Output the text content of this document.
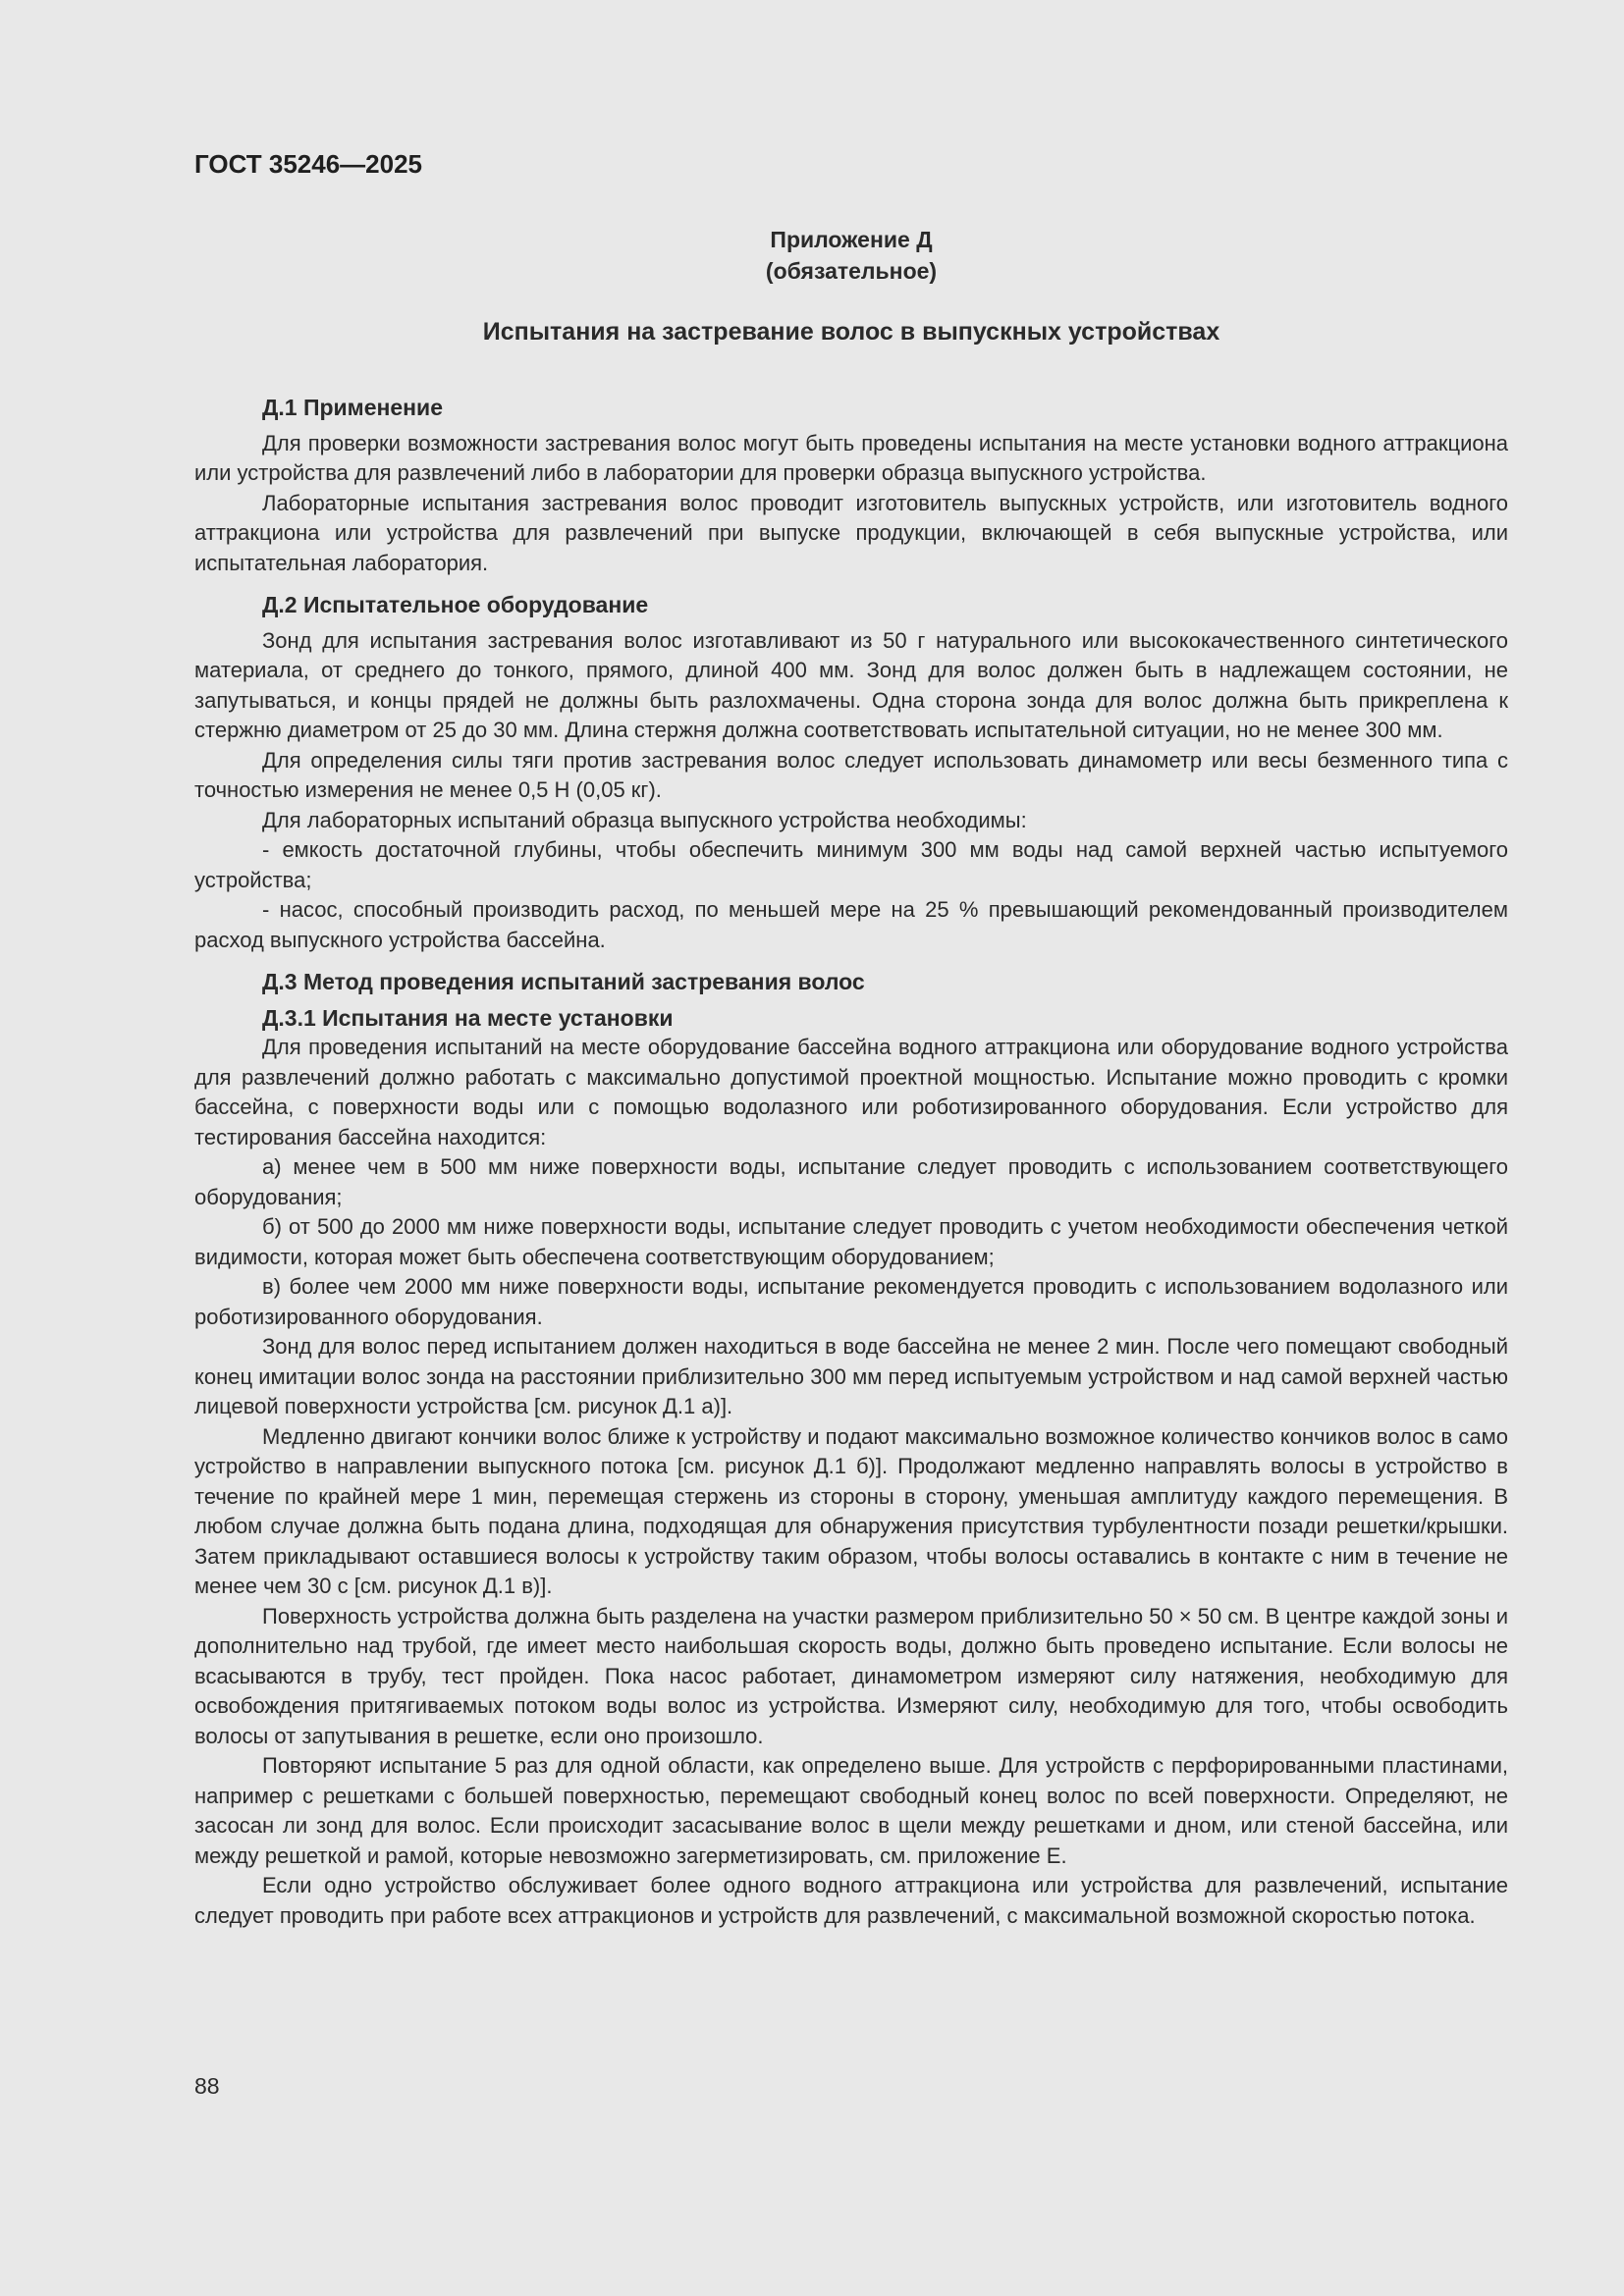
ГОСТ 35246—2025

Приложение Д
(обязательное)

Испытания на застревание волос в выпускных устройствах

Д.1 Применение

Для проверки возможности застревания волос могут быть проведены испытания на месте установки водного аттракциона или устройства для развлечений либо в лаборатории для проверки образца выпускного устройства.

Лабораторные испытания застревания волос проводит изготовитель выпускных устройств, или изготовитель водного аттракциона или устройства для развлечений при выпуске продукции, включающей в себя выпускные устройства, или испытательная лаборатория.

Д.2 Испытательное оборудование

Зонд для испытания застревания волос изготавливают из 50 г натурального или высококачественного синтетического материала, от среднего до тонкого, прямого, длиной 400 мм. Зонд для волос должен быть в надлежащем состоянии, не запутываться, и концы прядей не должны быть разлохмачены. Одна сторона зонда для волос должна быть прикреплена к стержню диаметром от 25 до 30 мм. Длина стержня должна соответствовать испытательной ситуации, но не менее 300 мм.

Для определения силы тяги против застревания волос следует использовать динамометр или весы безменного типа с точностью измерения не менее 0,5 Н (0,05 кг).

Для лабораторных испытаний образца выпускного устройства необходимы:

- емкость достаточной глубины, чтобы обеспечить минимум 300 мм воды над самой верхней частью испытуемого устройства;

- насос, способный производить расход, по меньшей мере на 25 % превышающий рекомендованный производителем расход выпускного устройства бассейна.

Д.3 Метод проведения испытаний застревания волос

Д.3.1 Испытания на месте установки

Для проведения испытаний на месте оборудование бассейна водного аттракциона или оборудование водного устройства для развлечений должно работать с максимально допустимой проектной мощностью. Испытание можно проводить с кромки бассейна, с поверхности воды или с помощью водолазного или роботизированного оборудования. Если устройство для тестирования бассейна находится:

а) менее чем в 500 мм ниже поверхности воды, испытание следует проводить с использованием соответствующего оборудования;

б) от 500 до 2000 мм ниже поверхности воды, испытание следует проводить с учетом необходимости обеспечения четкой видимости, которая может быть обеспечена соответствующим оборудованием;

в) более чем 2000 мм ниже поверхности воды, испытание рекомендуется проводить с использованием водолазного или роботизированного оборудования.

Зонд для волос перед испытанием должен находиться в воде бассейна не менее 2 мин. После чего помещают свободный конец имитации волос зонда на расстоянии приблизительно 300 мм перед испытуемым устройством и над самой верхней частью лицевой поверхности устройства [см. рисунок Д.1 а)].

Медленно двигают кончики волос ближе к устройству и подают максимально возможное количество кончиков волос в само устройство в направлении выпускного потока [см. рисунок Д.1 б)]. Продолжают медленно направлять волосы в устройство в течение по крайней мере 1 мин, перемещая стержень из стороны в сторону, уменьшая амплитуду каждого перемещения. В любом случае должна быть подана длина, подходящая для обнаружения присутствия турбулентности позади решетки/крышки. Затем прикладывают оставшиеся волосы к устройству таким образом, чтобы волосы оставались в контакте с ним в течение не менее чем 30 с [см. рисунок Д.1 в)].

Поверхность устройства должна быть разделена на участки размером приблизительно 50 × 50 см. В центре каждой зоны и дополнительно над трубой, где имеет место наибольшая скорость воды, должно быть проведено испытание. Если волосы не всасываются в трубу, тест пройден. Пока насос работает, динамометром измеряют силу натяжения, необходимую для освобождения притягиваемых потоком воды волос из устройства. Измеряют силу, необходимую для того, чтобы освободить волосы от запутывания в решетке, если оно произошло.

Повторяют испытание 5 раз для одной области, как определено выше. Для устройств с перфорированными пластинами, например с решетками с большей поверхностью, перемещают свободный конец волос по всей поверхности. Определяют, не засосан ли зонд для волос. Если происходит засасывание волос в щели между решетками и дном, или стеной бассейна, или между решеткой и рамой, которые невозможно загерметизировать, см. приложение Е.

Если одно устройство обслуживает более одного водного аттракциона или устройства для развлечений, испытание следует проводить при работе всех аттракционов и устройств для развлечений, с максимальной возможной скоростью потока.

88
